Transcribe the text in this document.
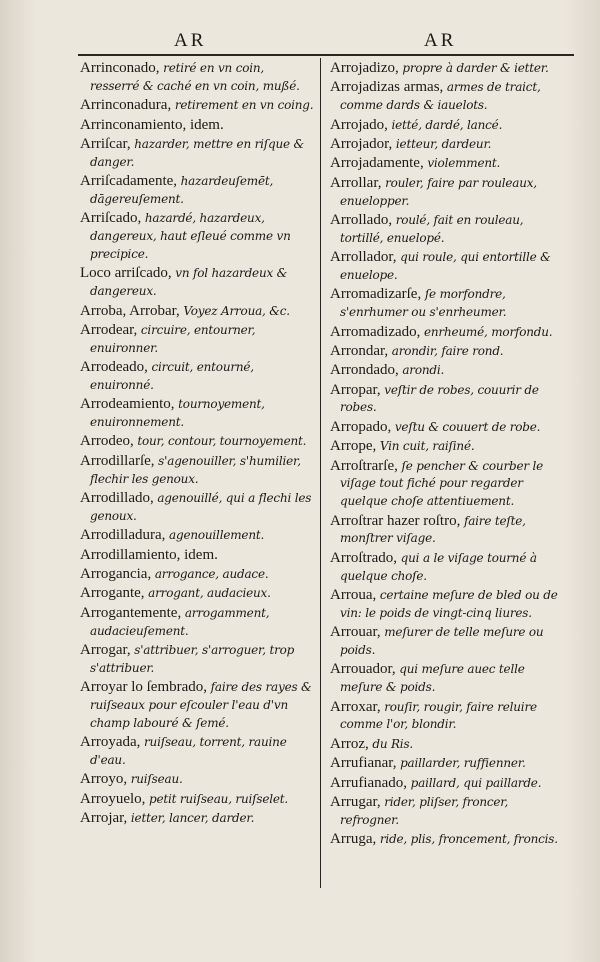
AR	AR

Arrinconado, retiré en vn coin, resserré & caché en vn coin, mußé.

Arrinconadura, retirement en vn coing.

Arrinconamiento, idem.

Arriſcar, hazarder, mettre en riſque & danger.

Arriſcadamente, hazardeuſemēt, dāgereuſement.

Arriſcado, hazardé, hazardeux, dangereux, haut eſleué comme vn precipice.

Loco arriſcado, vn fol hazardeux & dangereux.

Arroba, Arrobar, Voyez Arroua, &c.

Arrodear, circuire, entourner, enuironner.

Arrodeado, circuit, entourné, enuironné.

Arrodeamiento, tournoyement, enuironnement.

Arrodeo, tour, contour, tournoyement.

Arrodillarſe, s'agenouiller, s'humilier, flechir les genoux.

Arrodillado, agenouillé, qui a flechi les genoux.

Arrodilladura, agenouillement.

Arrodillamiento, idem.

Arrogancia, arrogance, audace.

Arrogante, arrogant, audacieux.

Arrogantemente, arrogamment, audacieuſement.

Arrogar, s'attribuer, s'arroguer, trop s'attribuer.

Arroyar lo ſembrado, faire des rayes & ruiſseaux pour eſcouler l'eau d'vn champ labouré & ſemé.

Arroyada, ruiſseau, torrent, rauine d'eau.

Arroyo, ruiſseau.

Arroyuelo, petit ruiſseau, ruiſselet.

Arrojar, ietter, lancer, darder.

Arrojadizo, propre à darder & ietter.

Arrojadizas armas, armes de traict, comme dards & iauelots.

Arrojado, ietté, dardé, lancé.

Arrojador, ietteur, dardeur.

Arrojadamente, violemment.

Arrollar, rouler, faire par rouleaux, enuelopper.

Arrollado, roulé, fait en rouleau, tortillé, enuelopé.

Arrollador, qui roule, qui entortille & enuelope.

Arromadizarſe, ſe morfondre, s'enrhumer ou s'enrheumer.

Arromadizado, enrheumé, morfondu.

Arrondar, arondir, faire rond.

Arrondado, arondi.

Arropar, veſtir de robes, couurir de robes.

Arropado, veſtu & couuert de robe.

Arrope, Vin cuit, raiſiné.

Arroſtrarſe, ſe pencher & courber le viſage tout fiché pour regarder quelque choſe attentiuement.

Arroſtrar hazer roſtro, faire teſte, monſtrer viſage.

Arroſtrado, qui a le viſage tourné à quelque choſe.

Arroua, certaine meſure de bled ou de vin: le poids de vingt-cinq liures.

Arrouar, meſurer de telle meſure ou poids.

Arrouador, qui meſure auec telle meſure & poids.

Arroxar, rouſir, rougir, faire reluire comme l'or, blondir.

Arroz, du Ris.

Arrufianar, paillarder, ruffienner.

Arrufianado, paillard, qui paillarde.

Arrugar, rider, pliſser, froncer, refrogner.

Arruga, ride, plis, froncement, froncis.
